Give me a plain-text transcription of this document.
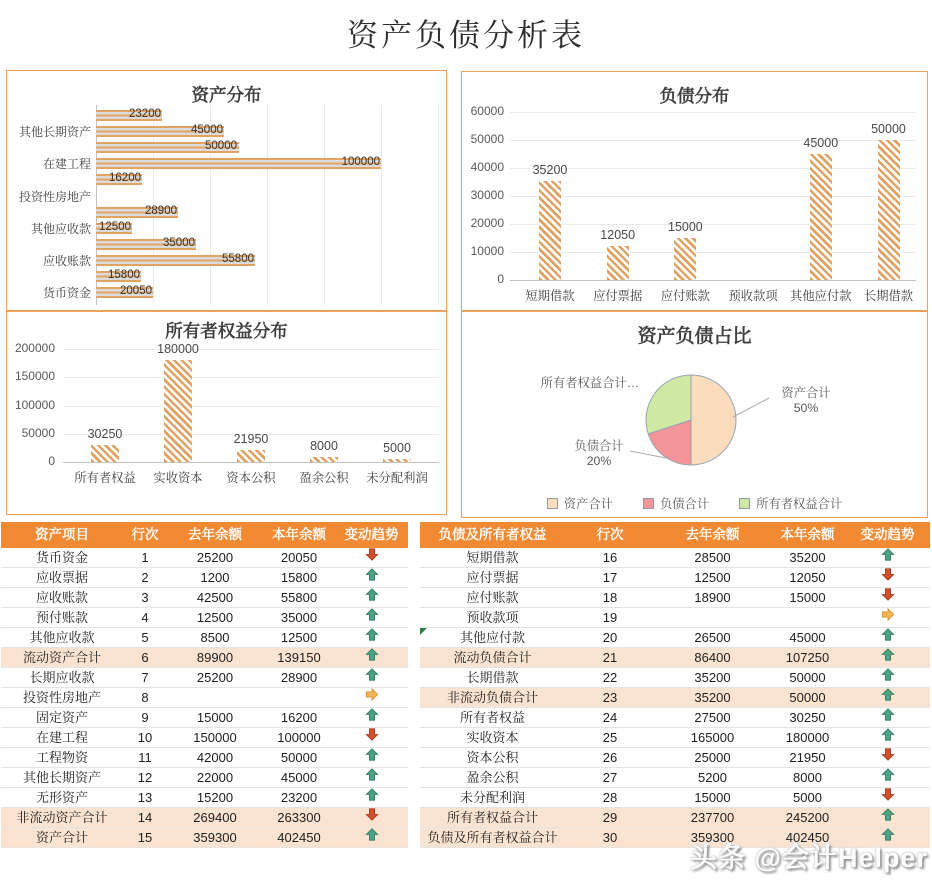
资产负债分析表
资产分布
23200
45000
其他长期资产
50000
100000
在建工程
16200
投资性房地产
28900
12500
其他应收款
35000
55800
应收账款
15800
20050
货币资金
负债分布
0
10000
20000
30000
40000
50000
60000
短期借款
35200
应付票据
12050
应付账款
15000
预收款项	其他应付款
45000
长期借款
50000
所有者权益分布
0
50000
100000
150000
200000
所有者权益
30250
实收资本
180000
资本公积
21950
盈余公积
8000
未分配利润
5000
资产负债占比
所有者权益合计…
资产合计
50%
负债合计
20%
资产合计	负债合计	所有者权益合计
资产项目	行次	去年余额	本年余额	变动趋势
货币资金	1	25200	20050
应收票据	2	1200	15800
应收账款	3	42500	55800
预付账款	4	12500	35000
其他应收款	5	8500	12500
流动资产合计	6	89900	139150
长期应收款	7	25200	28900
投资性房地产	8
固定资产	9	15000	16200
在建工程	10	150000	100000
工程物资	11	42000	50000
其他长期资产	12	22000	45000
无形资产	13	15200	23200
非流动资产合计	14	269400	263300
资产合计	15	359300	402450
负债及所有者权益	行次	去年余额	本年余额	变动趋势
短期借款	16	28500	35200
应付票据	17	12500	12050
应付账款	18	18900	15000
预收款项	19
其他应付款	20	26500	45000
流动负债合计	21	86400	107250
长期借款	22	35200	50000
非流动负债合计	23	35200	50000
所有者权益	24	27500	30250
实收资本	25	165000	180000
资本公积	26	25000	21950
盈余公积	27	5200	8000
未分配利润	28	15000	5000
所有者权益合计	29	237700	245200
负债及所有者权益合计	30	359300	402450
头条 @会计Helper
